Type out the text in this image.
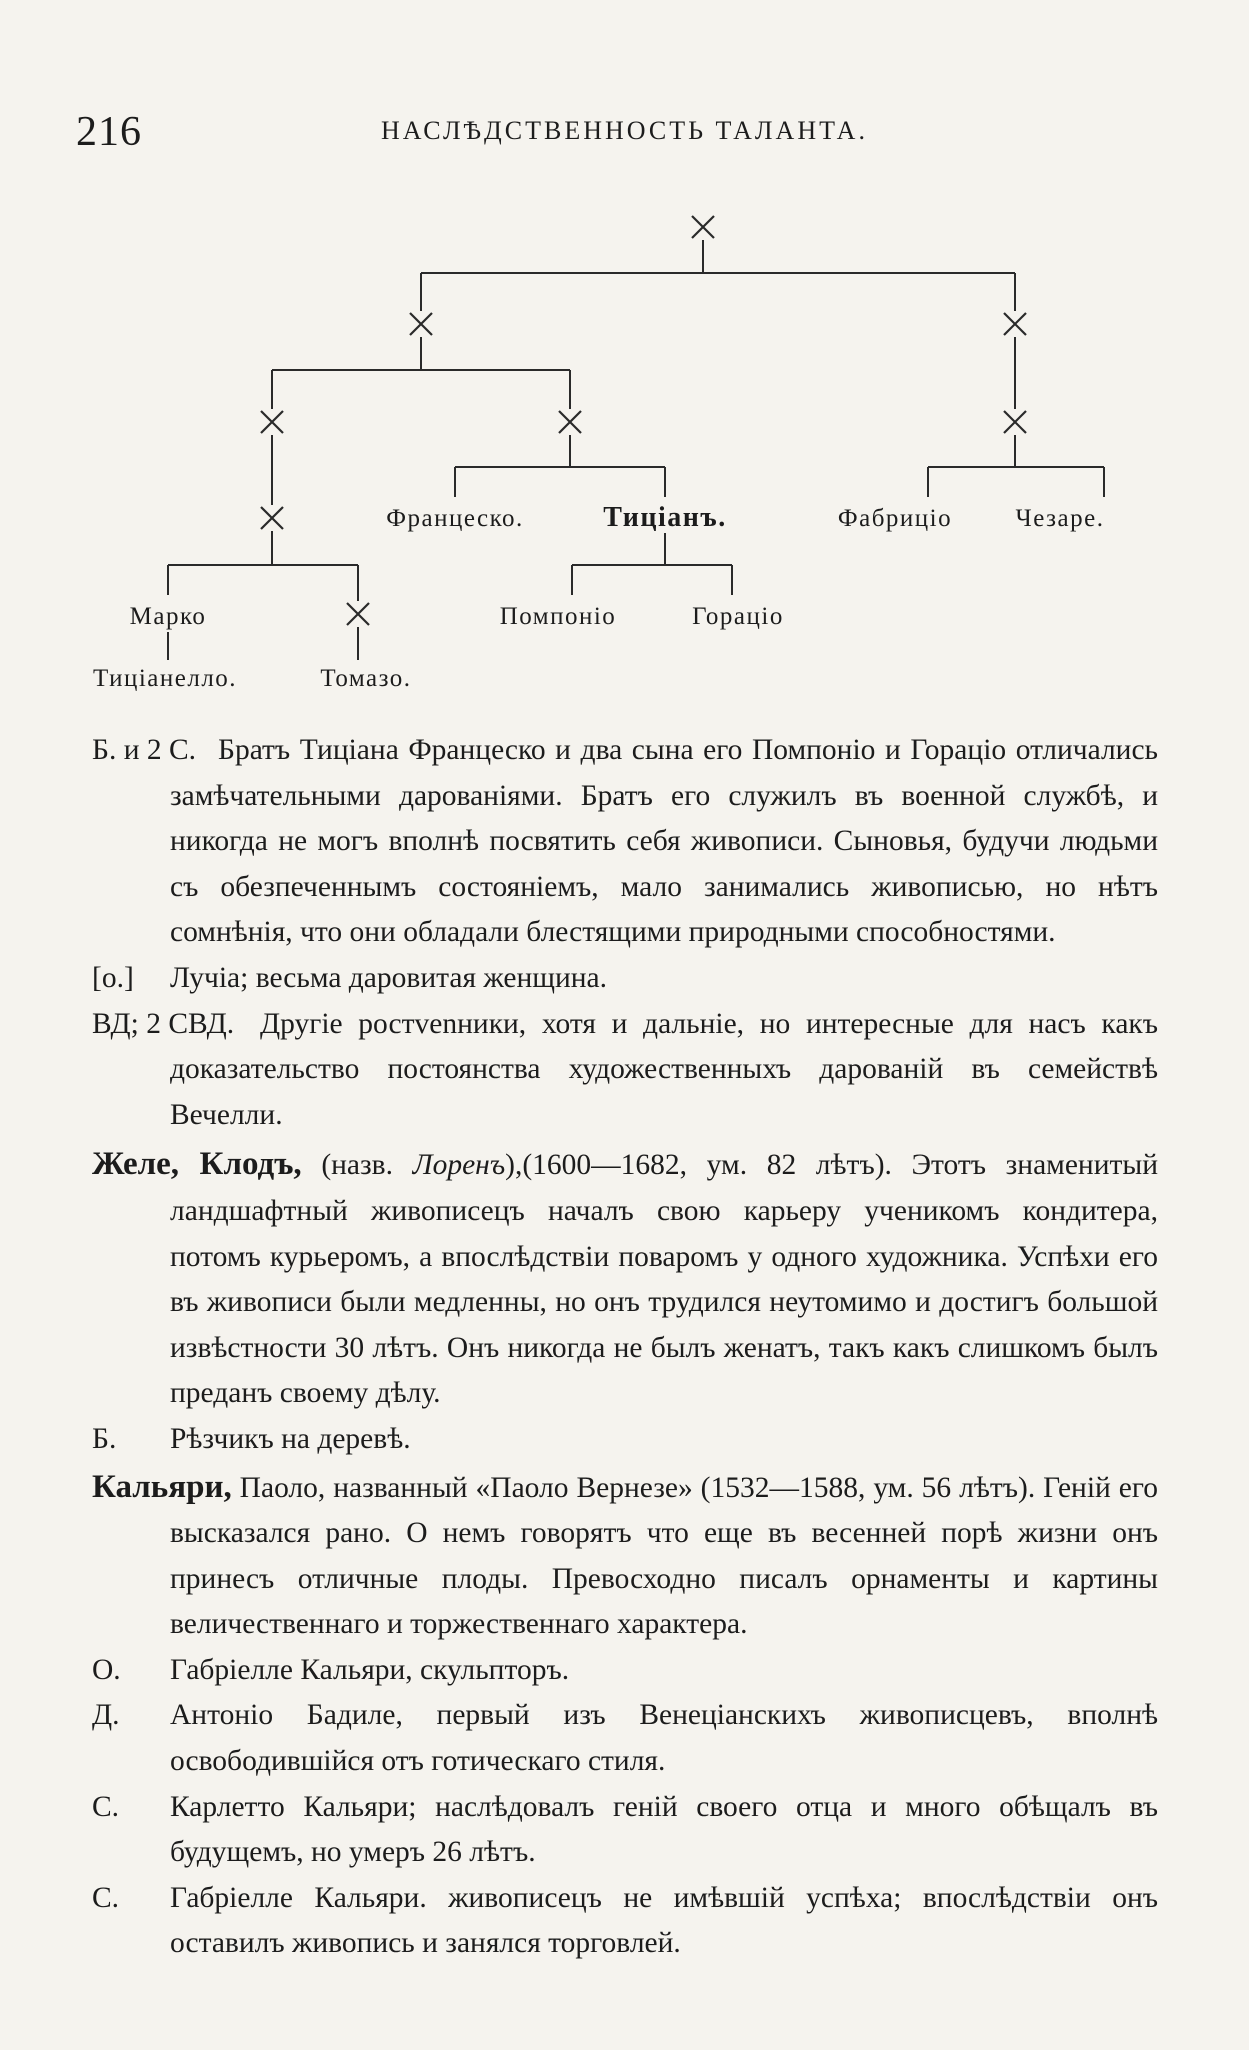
216	НАСЛѢДСТВЕННОСТЬ ТАЛАНТА.
Францеско.	Тиціанъ.	Фабриціо	Чезаре.
Марко	Помпоніо	Гораціо
Тиціанелло.	Томазо.

Б. и 2 С. Братъ Тиціана Францеско и два сына его Помпоніо и Гораціо отличались замѣчательными дарованіями. Братъ его служилъ въ военной службѣ, и никогда не могъ вполнѣ посвятить себя живописи. Сыновья, будучи людьми съ обезпеченнымъ состояніемъ, мало занимались живописью, но нѣтъ сомнѣнія, что они обладали блестящими природными способностями.

[о.] Лучіа; весьма даровитая женщина.

ВД; 2 СВД. Другіе ростvenники, хотя и дальніе, но интересные для насъ какъ доказательство постоянства художественныхъ дарованій въ семействѣ Вечелли.

Желе, Клодъ, (назв. Лоренъ),(1600—1682, ум. 82 лѣтъ). Этотъ знаменитый ландшафтный живописецъ началъ свою карьеру ученикомъ кондитера, потомъ курьеромъ, а впослѣдствіи поваромъ у одного художника. Успѣхи его въ живописи были медленны, но онъ трудился неутомимо и достигъ большой извѣстности 30 лѣтъ. Онъ никогда не былъ женатъ, такъ какъ слишкомъ былъ преданъ своему дѣлу.

Б. Рѣзчикъ на деревѣ.

Кальяри, Паоло, названный «Паоло Вернезе» (1532—1588, ум. 56 лѣтъ). Геній его высказался рано. О немъ говорятъ что еще въ весенней порѣ жизни онъ принесъ отличные плоды. Превосходно писалъ орнаменты и картины величественнаго и торжественнаго характера.

О. Габріелле Кальяри, скульпторъ.

Д. Антоніо Бадиле, первый изъ Венеціанскихъ живописцевъ, вполнѣ освободившійся отъ готическаго стиля.

С. Карлетто Кальяри; наслѣдовалъ геній своего отца и много обѣщалъ въ будущемъ, но умеръ 26 лѣтъ.

С. Габріелле Кальяри. живописецъ не имѣвшій успѣха; впослѣдствіи онъ оставилъ живопись и занялся торговлей.
